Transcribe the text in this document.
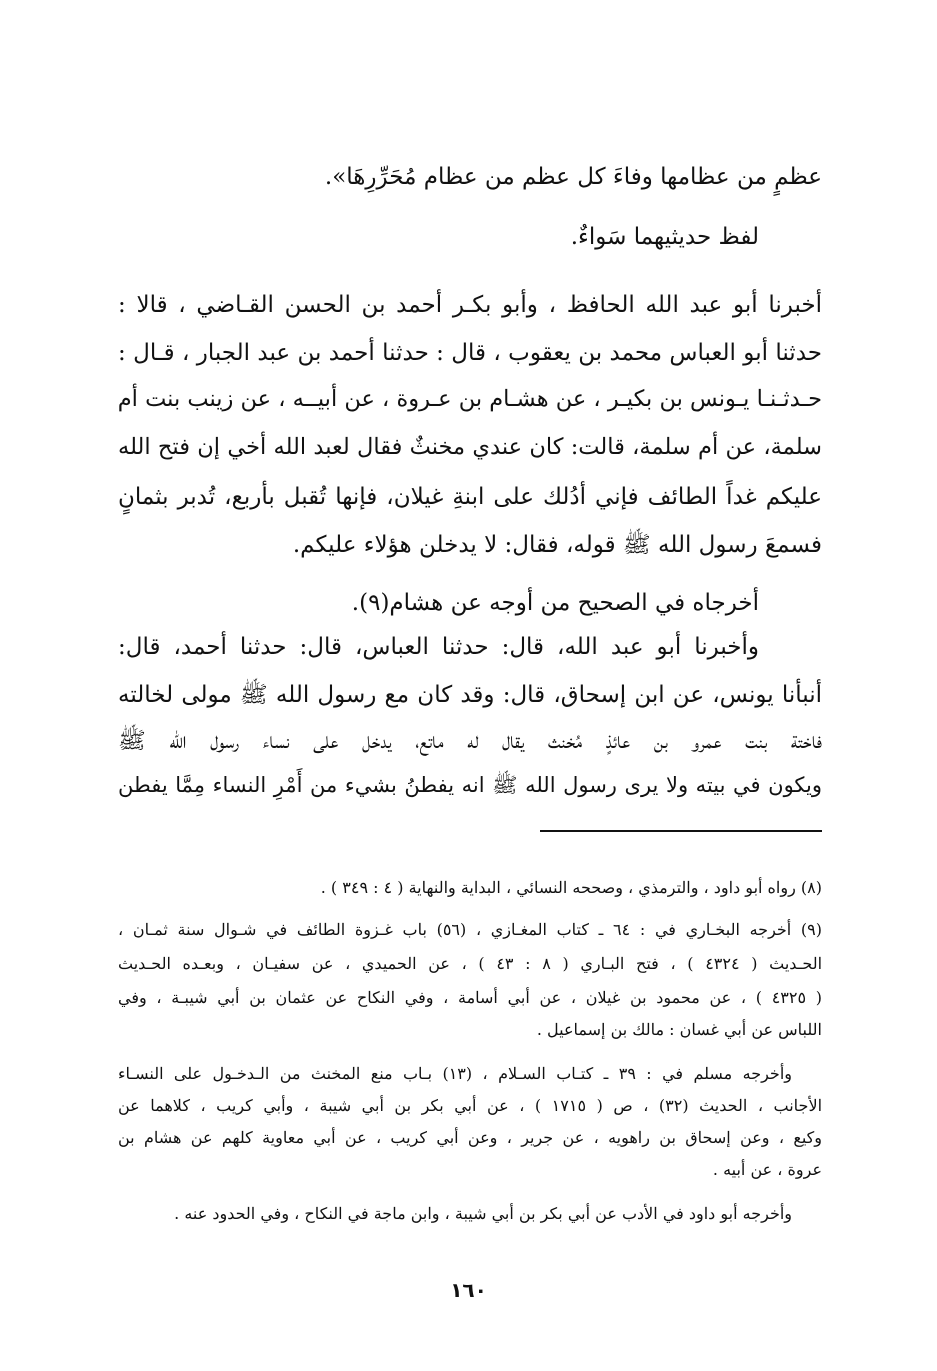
عظمٍ من عظامها وفاءَ كل عظم من عظام مُحَرِّرِهَا».
لفظ حديثيهما سَواءٌ.
أخبرنا أبو عبد الله الحافظ ، وأبو بكـر أحمد بن الحسن القـاضي ، قالا :
حدثنا أبو العباس محمد بن يعقوب ، قال : حدثنا أحمد بن عبد الجبار ، قـال :
حـدثـنـا يـونس بن بكيـر ، عن هشـام بن عـروة ، عن أبيــه ، عن زينب بنت أم
سلمة، عن أم سلمة، قالت: كان عندي مخنثٌ فقال لعبد الله أخي إن فتح الله
عليكم غداً الطائف فإني أدُلك على ابنةِ غيلان، فإنها تُقبل بأربع، تُدبر بثمانٍ
فسمعَ رسول الله ﷺ قوله، فقال: لا يدخلن هؤلاء عليكم.
أخرجاه في الصحيح من أوجه عن هشام(٩).
وأخبرنا أبو عبد الله، قال: حدثنا العباس، قال: حدثنا أحمد، قال:
أنبأنا يونس، عن ابن إسحاق، قال: وقد كان مع رسول الله ﷺ مولى لخالته
فاختة بنت عمرو بن عائذٍ مُخنث يقال له ماتع، يدخل على نساء رسول الله ﷺ
ويكون في بيته ولا يرى رسول الله ﷺ انه يفطنُ بشيء من أَمْرِ النساء مِمَّا يفطن
(٨) رواه أبو داود ، والترمذي ، وصححه النسائي ، البداية والنهاية ( ٤ : ٣٤٩ ) .
(٩) أخرجه البخـاري في : ٦٤ ـ كتاب المغـازي ، (٥٦) باب غـزوة الطائف في شـوال سنة ثمـان ،
الحـديث ( ٤٣٢٤ ) ، فتح البـاري ( ٨ : ٤٣ ) ، عن الحميدي ، عن سفيـان ، وبعـده الحـديث
( ٤٣٢٥ ) ، عن محمود بن غيلان ، عن أبي أسامة ، وفي النكاح عن عثمان بن أبي شيبـة ، وفي
اللباس عن أبي غسان : مالك بن إسماعيل .
وأخرجه مسلم في : ٣٩ ـ كتـاب السـلام ، (١٣) بـاب منع المخنث من الـدخـول على النسـاء
الأجانب ، الحديث (٣٢) ، ص ( ١٧١٥ ) ، عن أبي بكر بن أبي شيبة ، وأبي كريب ، كلاهما عن
وكيع ، وعن إسحاق بن راهويه ، عن جرير ، وعن أبي كريب ، عن أبي معاوية كلهم عن هشام بن
عروة ، عن أبيه .
وأخرجه أبو داود في الأدب عن أبي بكر بن أبي شيبة ، وابن ماجة في النكاح ، وفي الحدود عنه .
١٦٠
